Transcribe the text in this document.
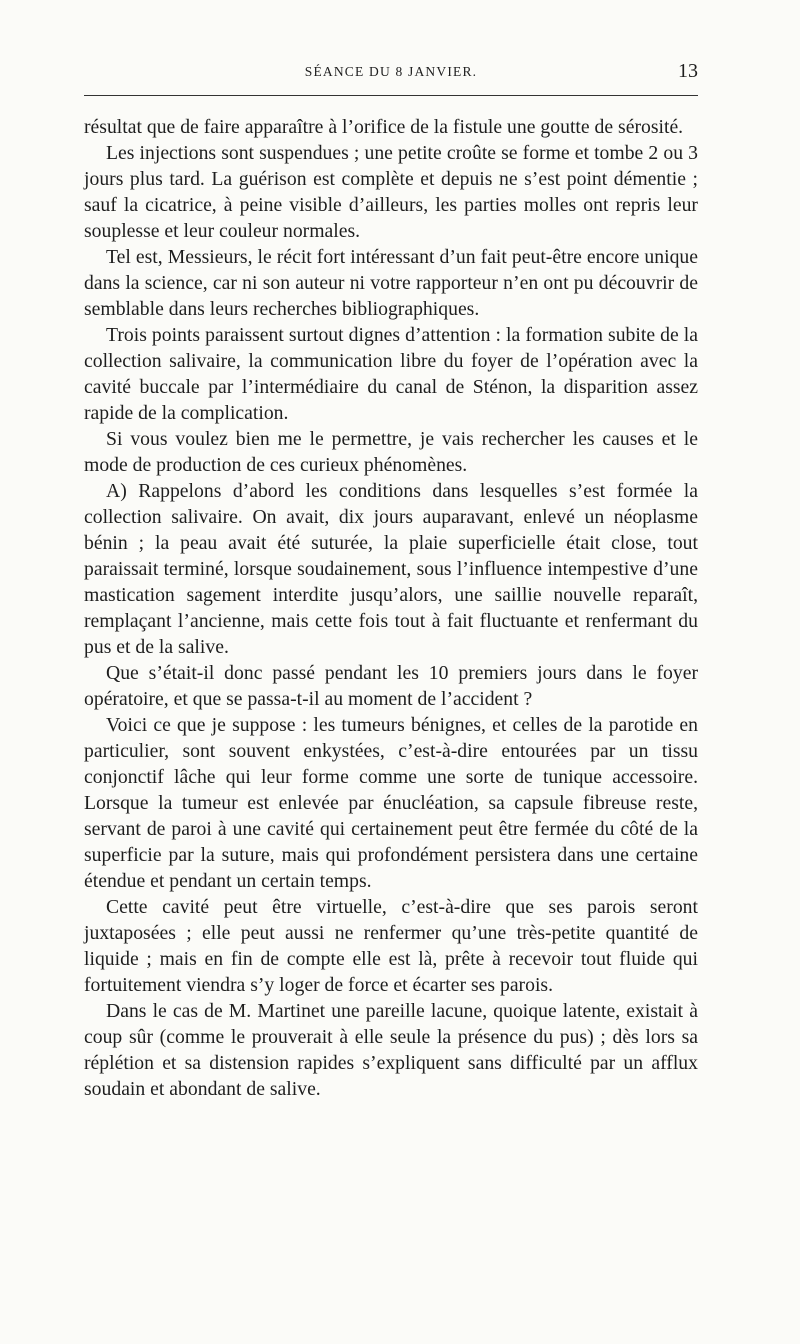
SÉANCE DU 8 JANVIER.	13

résultat que de faire apparaître à l’orifice de la fistule une goutte de sérosité.

Les injections sont suspendues ; une petite croûte se forme et tombe 2 ou 3 jours plus tard. La guérison est complète et depuis ne s’est point démentie ; sauf la cicatrice, à peine visible d’ailleurs, les parties molles ont repris leur souplesse et leur couleur normales.

Tel est, Messieurs, le récit fort intéressant d’un fait peut-être encore unique dans la science, car ni son auteur ni votre rapporteur n’en ont pu découvrir de semblable dans leurs recherches bibliographiques.

Trois points paraissent surtout dignes d’attention : la formation subite de la collection salivaire, la communication libre du foyer de l’opération avec la cavité buccale par l’intermédiaire du canal de Sténon, la disparition assez rapide de la complication.

Si vous voulez bien me le permettre, je vais rechercher les causes et le mode de production de ces curieux phénomènes.

A) Rappelons d’abord les conditions dans lesquelles s’est formée la collection salivaire. On avait, dix jours auparavant, enlevé un néoplasme bénin ; la peau avait été suturée, la plaie superficielle était close, tout paraissait terminé, lorsque soudainement, sous l’influence intempestive d’une mastication sagement interdite jusqu’alors, une saillie nouvelle reparaît, remplaçant l’ancienne, mais cette fois tout à fait fluctuante et renfermant du pus et de la salive.

Que s’était-il donc passé pendant les 10 premiers jours dans le foyer opératoire, et que se passa-t-il au moment de l’accident ?

Voici ce que je suppose : les tumeurs bénignes, et celles de la parotide en particulier, sont souvent enkystées, c’est-à-dire entourées par un tissu conjonctif lâche qui leur forme comme une sorte de tunique accessoire. Lorsque la tumeur est enlevée par énucléation, sa capsule fibreuse reste, servant de paroi à une cavité qui certainement peut être fermée du côté de la superficie par la suture, mais qui profondément persistera dans une certaine étendue et pendant un certain temps.

Cette cavité peut être virtuelle, c’est-à-dire que ses parois seront juxtaposées ; elle peut aussi ne renfermer qu’une très-petite quantité de liquide ; mais en fin de compte elle est là, prête à recevoir tout fluide qui fortuitement viendra s’y loger de force et écarter ses parois.

Dans le cas de M. Martinet une pareille lacune, quoique latente, existait à coup sûr (comme le prouverait à elle seule la présence du pus) ; dès lors sa réplétion et sa distension rapides s’expliquent sans difficulté par un afflux soudain et abondant de salive.
